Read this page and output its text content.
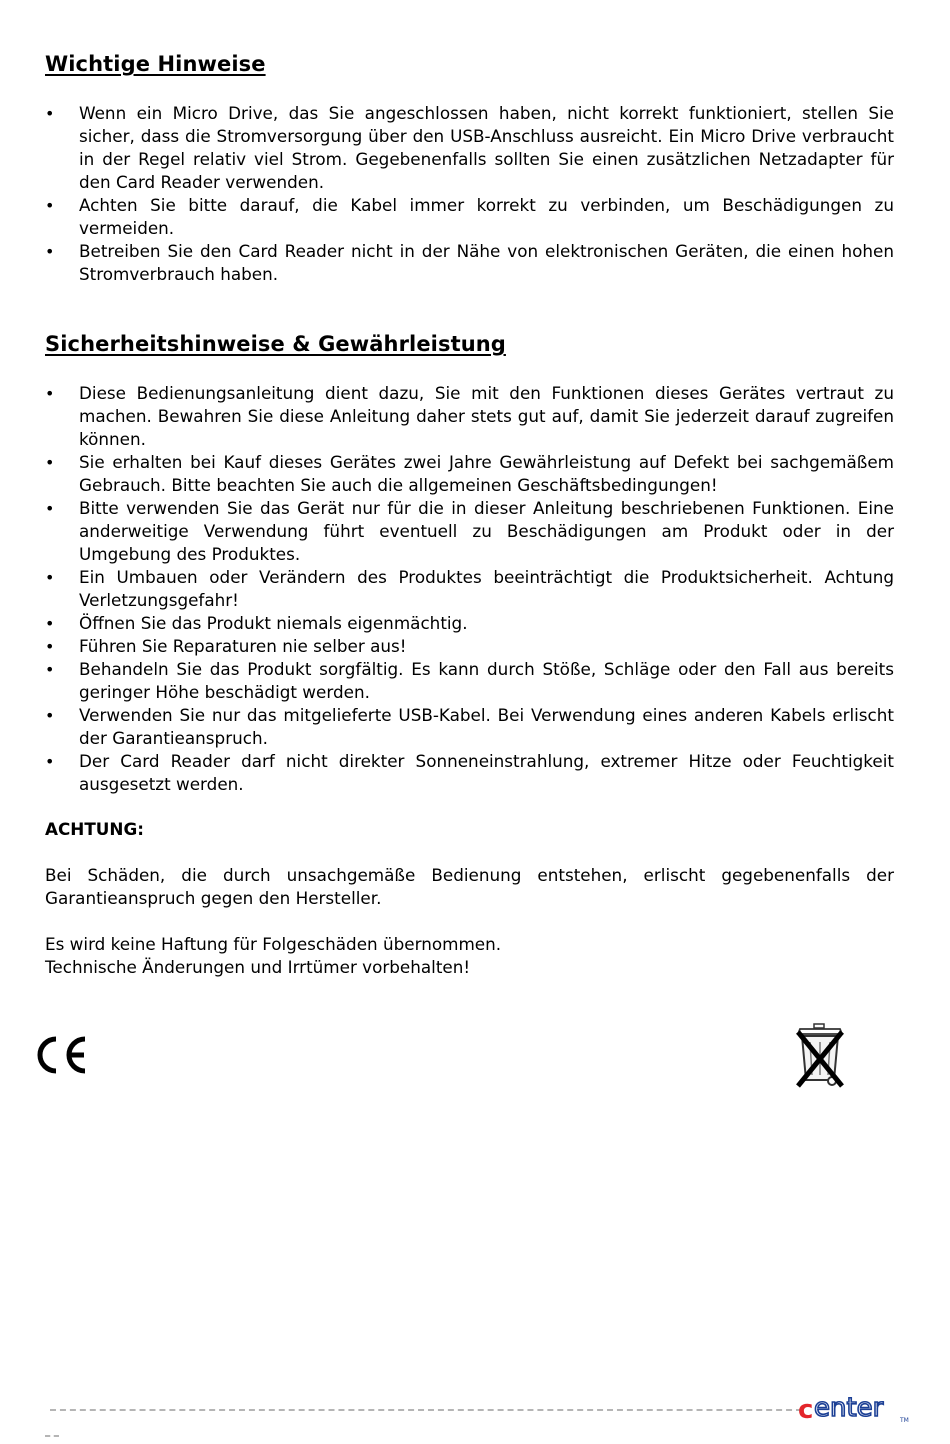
Wichtige Hinweise
• Wenn ein Micro Drive, das Sie angeschlossen haben, nicht korrekt funktioniert, stellen Sie sicher, dass die Stromversorgung über den USB-Anschluss ausreicht. Ein Micro Drive verbraucht in der Regel relativ viel Strom. Gegebenenfalls sollten Sie einen zusätzlichen Netzadapter für den Card Reader verwenden.
• Achten Sie bitte darauf, die Kabel immer korrekt zu verbinden, um Beschädigungen zu vermeiden.
• Betreiben Sie den Card Reader nicht in der Nähe von elektronischen Geräten, die einen hohen Stromverbrauch haben.
Sicherheitshinweise & Gewährleistung
• Diese Bedienungsanleitung dient dazu, Sie mit den Funktionen dieses Gerätes vertraut zu machen. Bewahren Sie diese Anleitung daher stets gut auf, damit Sie jederzeit darauf zugreifen können.
• Sie erhalten bei Kauf dieses Gerätes zwei Jahre Gewährleistung auf Defekt bei sachgemäßem Gebrauch. Bitte beachten Sie auch die allgemeinen Geschäftsbedingungen!
• Bitte verwenden Sie das Gerät nur für die in dieser Anleitung beschriebenen Funktionen. Eine anderweitige Verwendung führt eventuell zu Beschädigungen am Produkt oder in der Umgebung des Produktes.
• Ein Umbauen oder Verändern des Produktes beeinträchtigt die Produktsicherheit. Achtung Verletzungsgefahr!
• Öffnen Sie das Produkt niemals eigenmächtig.
• Führen Sie Reparaturen nie selber aus!
• Behandeln Sie das Produkt sorgfältig. Es kann durch Stöße, Schläge oder den Fall aus bereits geringer Höhe beschädigt werden.
• Verwenden Sie nur das mitgelieferte USB-Kabel. Bei Verwendung eines anderen Kabels erlischt der Garantieanspruch.
• Der Card Reader darf nicht direkter Sonneneinstrahlung, extremer Hitze oder Feuchtigkeit ausgesetzt werden.
ACHTUNG:
Bei Schäden, die durch unsachgemäße Bedienung entstehen, erlischt gegebenenfalls der Garantieanspruch gegen den Hersteller.
Es wird keine Haftung für Folgeschäden übernommen.
Technische Änderungen und Irrtümer vorbehalten!
c enter	TM
